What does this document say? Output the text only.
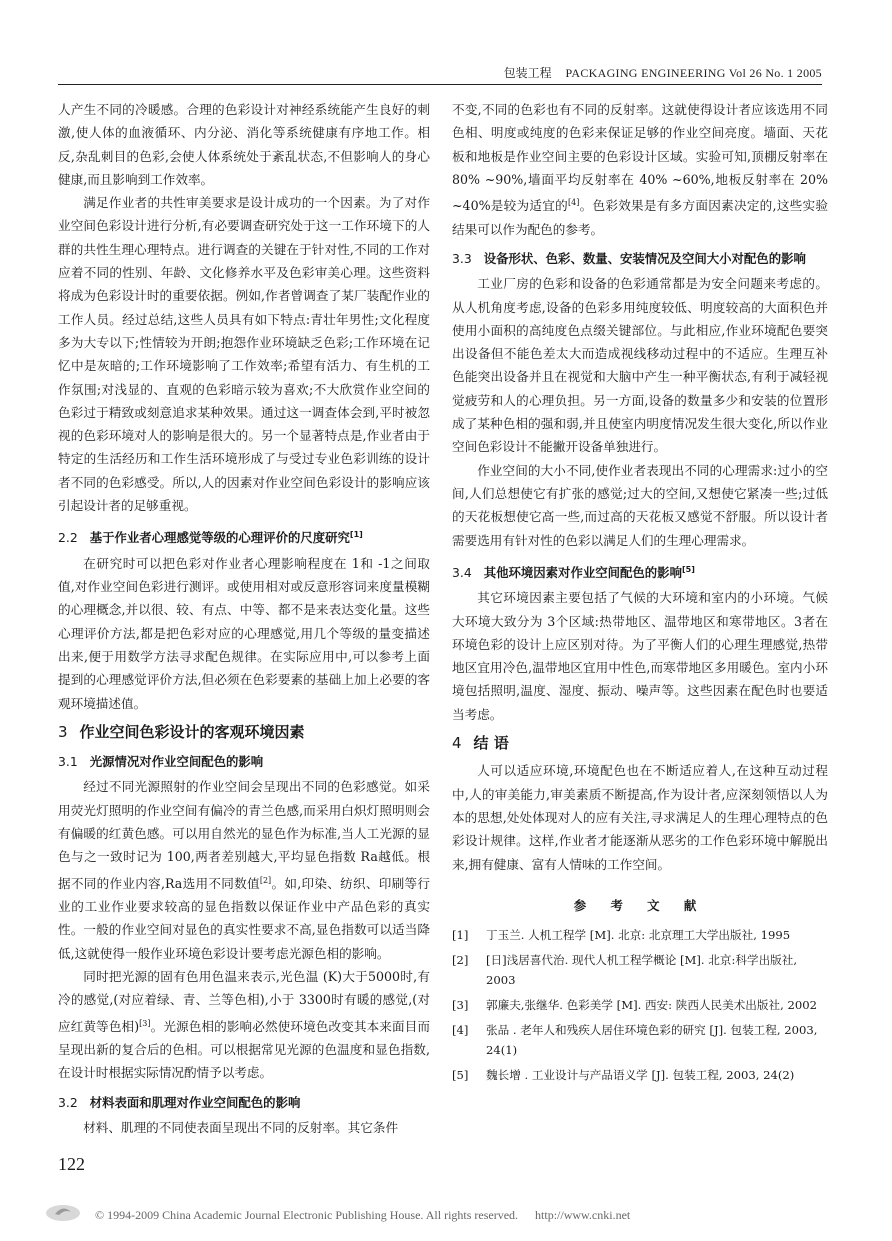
包装工程 PACKAGING ENGINEERING Vol 26 No. 1 2005

人产生不同的冷暖感。合理的色彩设计对神经系统能产生良好的刺激,使人体的血液循环、内分泌、消化等系统健康有序地工作。相反,杂乱刺目的色彩,会使人体系统处于紊乱状态,不但影响人的身心健康,而且影响到工作效率。

满足作业者的共性审美要求是设计成功的一个因素。为了对作业空间色彩设计进行分析,有必要调查研究处于这一工作环境下的人群的共性生理心理特点。进行调查的关键在于针对性,不同的工作对应着不同的性别、年龄、文化修养水平及色彩审美心理。这些资料将成为色彩设计时的重要依据。例如,作者曾调查了某厂装配作业的工作人员。经过总结,这些人员具有如下特点:青壮年男性;文化程度多为大专以下;性情较为开朗;抱怨作业环境缺乏色彩;工作环境在记忆中是灰暗的;工作环境影响了工作效率;希望有活力、有生机的工作氛围;对浅显的、直观的色彩暗示较为喜欢;不大欣赏作业空间的色彩过于精致或刻意追求某种效果。通过这一调查体会到,平时被忽视的色彩环境对人的影响是很大的。另一个显著特点是,作业者由于特定的生活经历和工作生活环境形成了与受过专业色彩训练的设计者不同的色彩感受。所以,人的因素对作业空间色彩设计的影响应该引起设计者的足够重视。

2.2 基于作业者心理感觉等级的心理评价的尺度研究[1]

在研究时可以把色彩对作业者心理影响程度在 1和 -1之间取值,对作业空间色彩进行测评。或使用相对或反意形容词来度量模糊的心理概念,并以很、较、有点、中等、都不是来表达变化量。这些心理评价方法,都是把色彩对应的心理感觉,用几个等级的量变描述出来,便于用数学方法寻求配色规律。在实际应用中,可以参考上面提到的心理感觉评价方法,但必须在色彩要素的基础上加上必要的客观环境描述值。

3 作业空间色彩设计的客观环境因素
3.1 光源情况对作业空间配色的影响

经过不同光源照射的作业空间会呈现出不同的色彩感觉。如采用荧光灯照明的作业空间有偏冷的青兰色感,而采用白炽灯照明则会有偏暖的红黄色感。可以用自然光的显色作为标准,当人工光源的显色与之一致时记为 100,两者差别越大,平均显色指数 Ra越低。根据不同的作业内容,Ra选用不同数值[2]。如,印染、纺织、印刷等行业的工业作业要求较高的显色指数以保证作业中产品色彩的真实性。一般的作业空间对显色的真实性要求不高,显色指数可以适当降低,这就使得一般作业环境色彩设计要考虑光源色相的影响。

同时把光源的固有色用色温来表示,光色温 (K)大于5000时,有冷的感觉,(对应着绿、青、兰等色相),小于 3300时有暖的感觉,(对应红黄等色相)[3]。光源色相的影响必然使环境色改变其本来面目而呈现出新的复合后的色相。可以根据常见光源的色温度和显色指数,在设计时根据实际情况酌情予以考虑。

3.2 材料表面和肌理对作业空间配色的影响

材料、肌理的不同使表面呈现出不同的反射率。其它条件

不变,不同的色彩也有不同的反射率。这就使得设计者应该选用不同色相、明度或纯度的色彩来保证足够的作业空间亮度。墙面、天花板和地板是作业空间主要的色彩设计区域。实验可知,顶棚反射率在 80% ~90%,墙面平均反射率在 40% ~60%,地板反射率在 20% ~40%是较为适宜的[4]。色彩效果是有多方面因素决定的,这些实验结果可以作为配色的参考。

3.3 设备形状、色彩、数量、安装情况及空间大小对配色的影响

工业厂房的色彩和设备的色彩通常都是为安全问题来考虑的。从人机角度考虑,设备的色彩多用纯度较低、明度较高的大面积色并使用小面积的高纯度色点缀关键部位。与此相应,作业环境配色要突出设备但不能色差太大而造成视线移动过程中的不适应。生理互补色能突出设备并且在视觉和大脑中产生一种平衡状态,有利于减轻视觉疲劳和人的心理负担。另一方面,设备的数量多少和安装的位置形成了某种色相的强和弱,并且使室内明度情况发生很大变化,所以作业空间色彩设计不能撇开设备单独进行。

作业空间的大小不同,使作业者表现出不同的心理需求:过小的空间,人们总想使它有扩张的感觉;过大的空间,又想使它紧凑一些;过低的天花板想使它高一些,而过高的天花板又感觉不舒服。所以设计者需要选用有针对性的色彩以满足人们的生理心理需求。

3.4 其他环境因素对作业空间配色的影响[5]

其它环境因素主要包括了气候的大环境和室内的小环境。气候大环境大致分为 3个区域:热带地区、温带地区和寒带地区。3者在环境色彩的设计上应区别对待。为了平衡人们的心理生理感觉,热带地区宜用冷色,温带地区宜用中性色,而寒带地区多用暖色。室内小环境包括照明,温度、湿度、振动、噪声等。这些因素在配色时也要适当考虑。

4 结 语

人可以适应环境,环境配色也在不断适应着人,在这种互动过程中,人的审美能力,审美素质不断提高,作为设计者,应深刻领悟以人为本的思想,处处体现对人的应有关注,寻求满足人的生理心理特点的色彩设计规律。这样,作业者才能逐渐从恶劣的工作色彩环境中解脱出来,拥有健康、富有人情味的工作空间。

参 考 文 献
[1]	丁玉兰. 人机工程学 [M]. 北京: 北京理工大学出版社, 1995
[2]	[日]浅居喜代治. 现代人机工程学概论 [M]. 北京:科学出版社, 2003
[3]	郭廉夫,张继华. 色彩美学 [M]. 西安: 陕西人民美术出版社, 2002
[4]	张品 . 老年人和残疾人居住环境色彩的研究 [J]. 包装工程, 2003, 24(1)
[5]	魏长增 . 工业设计与产品语义学 [J]. 包装工程, 2003, 24(2)
122
© 1994-2009 China Academic Journal Electronic Publishing House. All rights reserved. http://www.cnki.net
